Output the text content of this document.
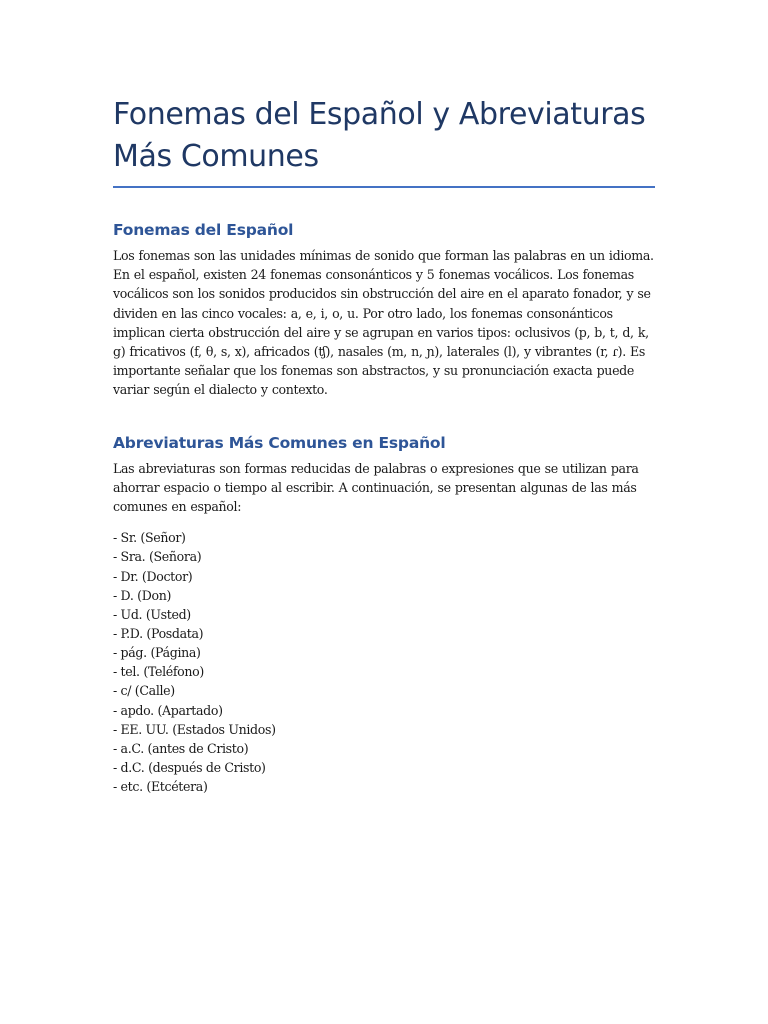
Fonemas del Español y Abreviaturas Más Comunes
Fonemas del Español

Los fonemas son las unidades mínimas de sonido que forman las palabras en un idioma. En el español, existen 24 fonemas consonánticos y 5 fonemas vocálicos. Los fonemas vocálicos son los sonidos producidos sin obstrucción del aire en el aparato fonador, y se dividen en las cinco vocales: a, e, i, o, u. Por otro lado, los fonemas consonánticos implican cierta obstrucción del aire y se agrupan en varios tipos: oclusivos (p, b, t, d, k, g) fricativos (f, θ, s, x), africados (ʧ), nasales (m, n, ɲ), laterales (l), y vibrantes (r, ɾ). Es importante señalar que los fonemas son abstractos, y su pronunciación exacta puede variar según el dialecto y contexto.

Abreviaturas Más Comunes en Español

Las abreviaturas son formas reducidas de palabras o expresiones que se utilizan para ahorrar espacio o tiempo al escribir. A continuación, se presentan algunas de las más comunes en español:

- Sr. (Señor)
- Sra. (Señora)
- Dr. (Doctor)
- D. (Don)
- Ud. (Usted)
- P.D. (Posdata)
- pág. (Página)
- tel. (Teléfono)
- c/ (Calle)
- apdo. (Apartado)
- EE. UU. (Estados Unidos)
- a.C. (antes de Cristo)
- d.C. (después de Cristo)
- etc. (Etcétera)
